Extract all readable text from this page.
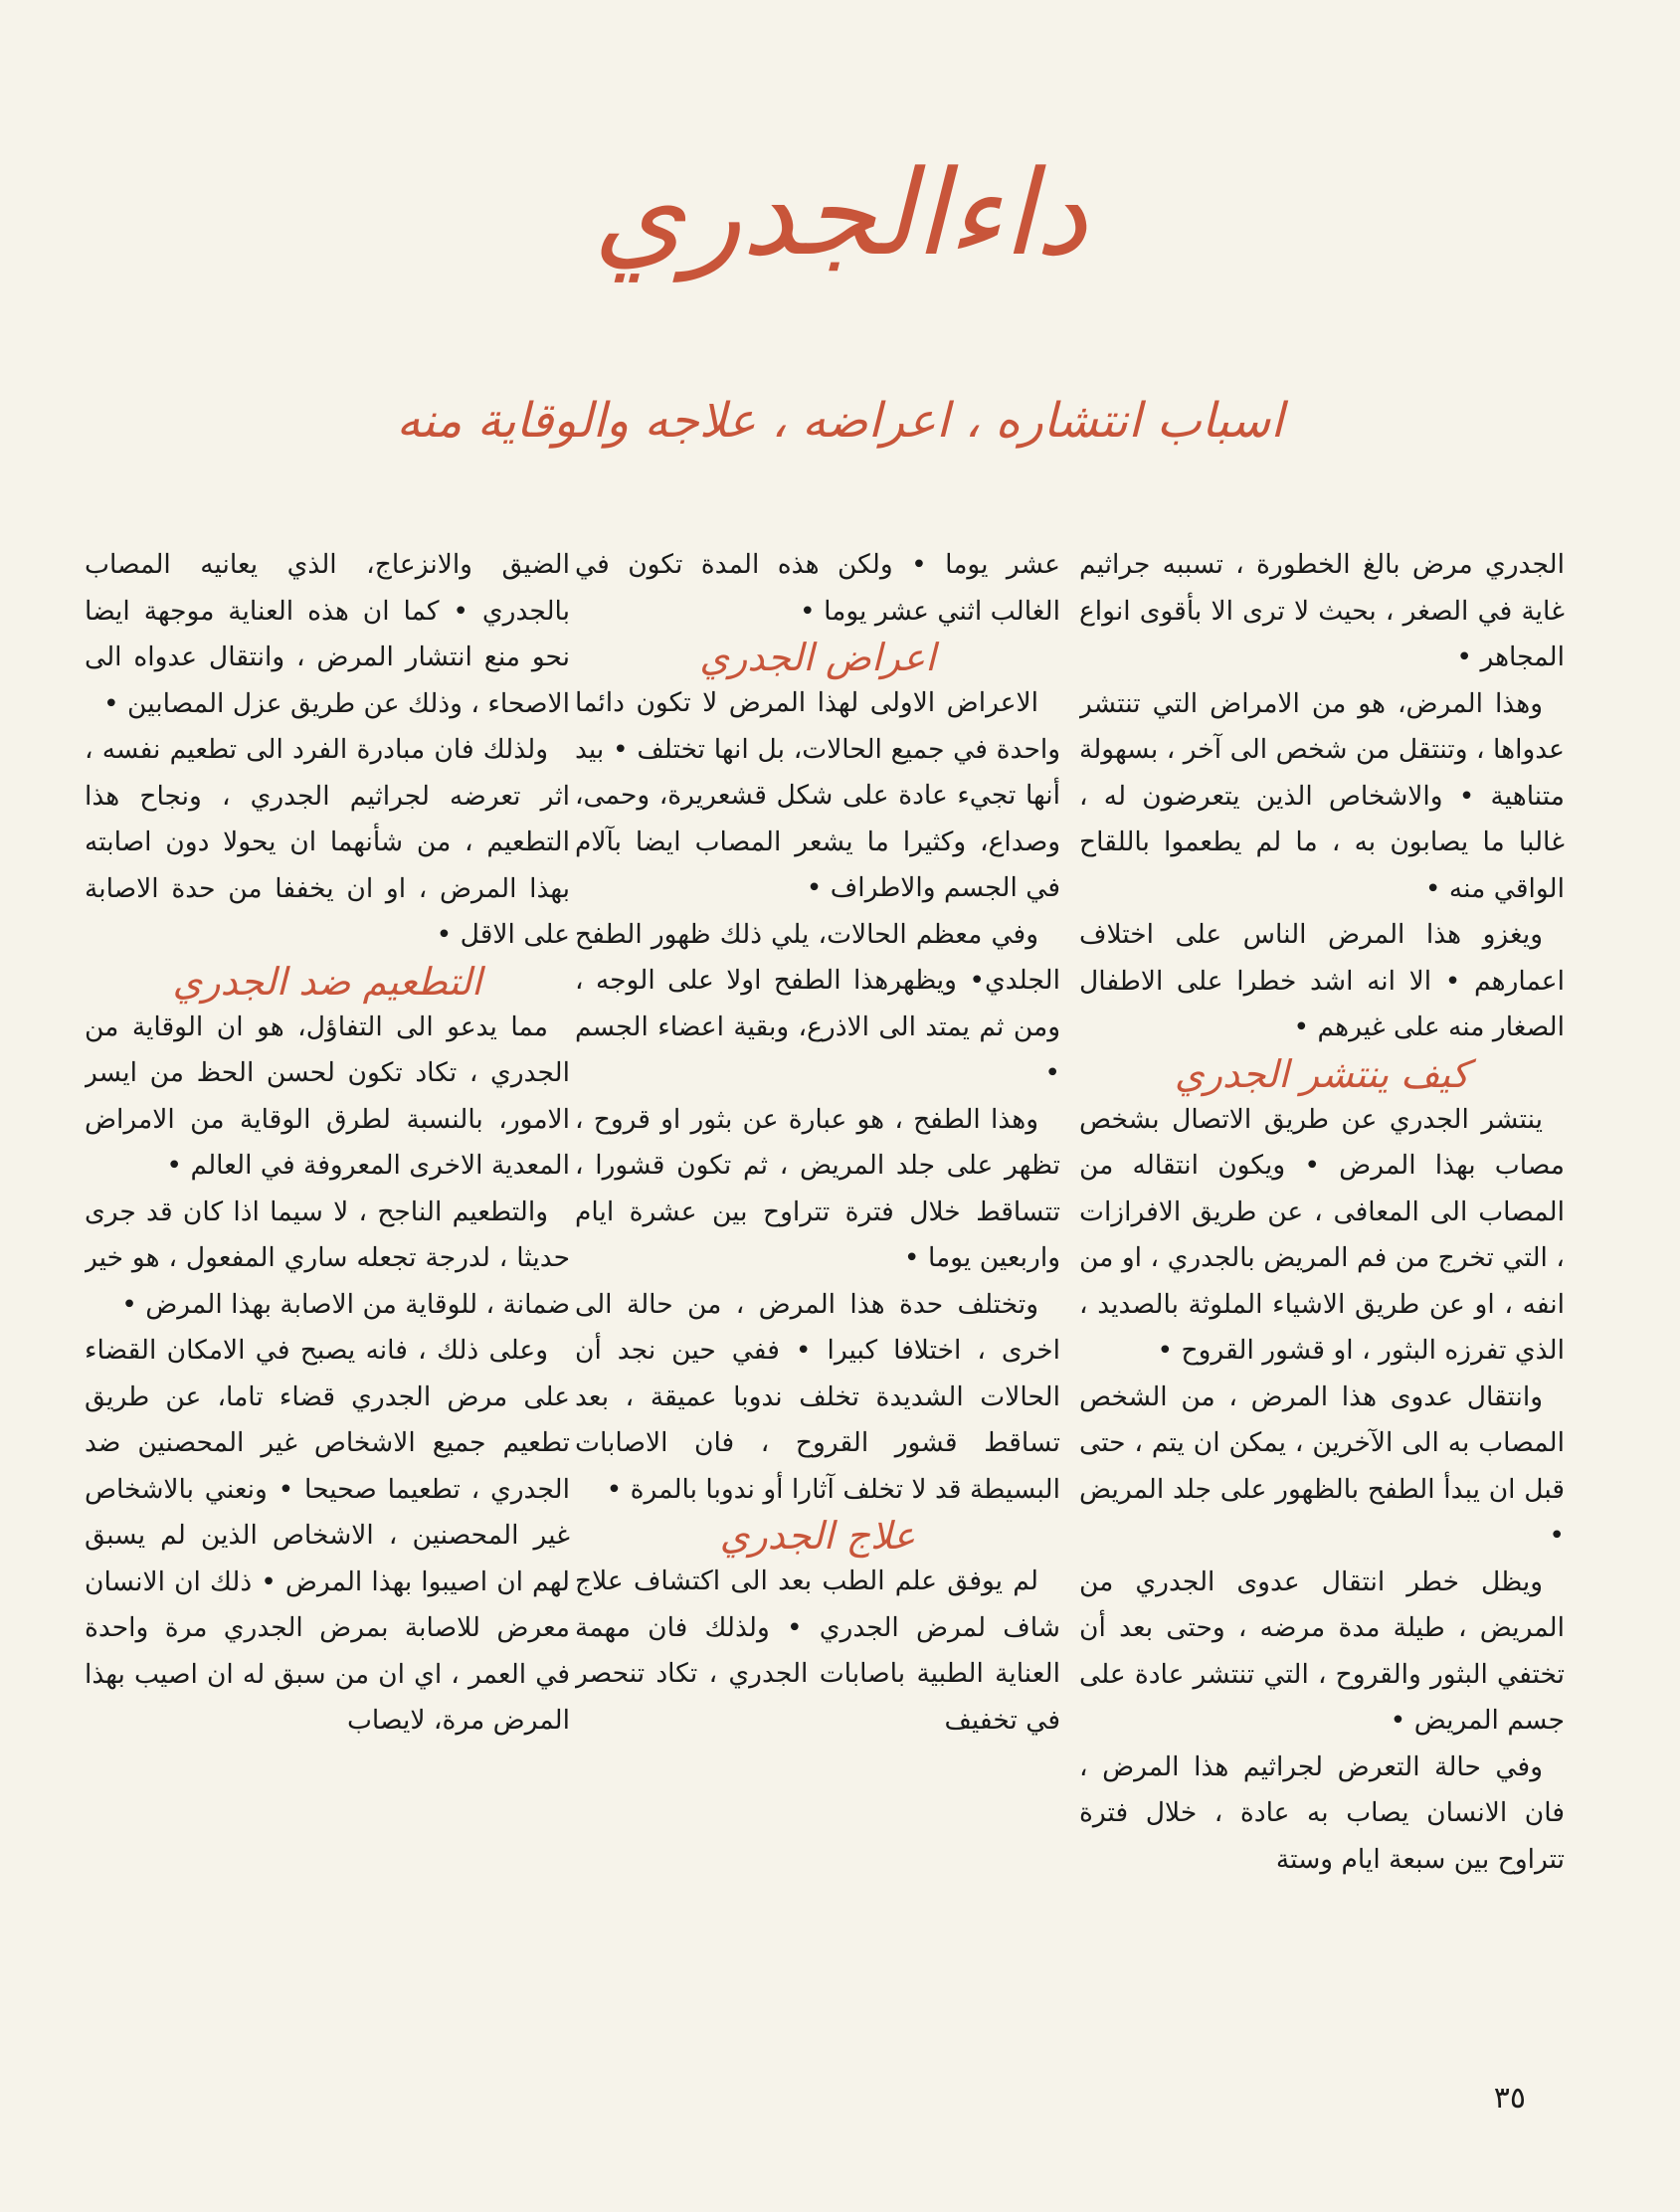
داءالجدري
اسباب انتشاره ، اعراضه ، علاجه والوقاية منه

الجدري مرض بالغ الخطورة ، تسببه جراثيم غاية في الصغر ، بحيث لا ترى الا بأقوى انواع المجاهر •

وهذا المرض، هو من الامراض التي تنتشر عدواها ، وتنتقل من شخص الى آخر ، بسهولة متناهية • والاشخاص الذين يتعرضون له ، غالبا ما يصابون به ، ما لم يطعموا باللقاح الواقي منه •

ويغزو هذا المرض الناس على اختلاف اعمارهم • الا انه اشد خطرا على الاطفال الصغار منه على غيرهم •

كيف ينتشر الجدري

ينتشر الجدري عن طريق الاتصال بشخص مصاب بهذا المرض • ويكون انتقاله من المصاب الى المعافى ، عن طريق الافرازات ، التي تخرج من فم المريض بالجدري ، او من انفه ، او عن طريق الاشياء الملوثة بالصديد ، الذي تفرزه البثور ، او قشور القروح •

وانتقال عدوى هذا المرض ، من الشخص المصاب به الى الآخرين ، يمكن ان يتم ، حتى قبل ان يبدأ الطفح بالظهور على جلد المريض •

ويظل خطر انتقال عدوى الجدري من المريض ، طيلة مدة مرضه ، وحتى بعد أن تختفي البثور والقروح ، التي تنتشر عادة على جسم المريض •

وفي حالة التعرض لجراثيم هذا المرض ، فان الانسان يصاب به عادة ، خلال فترة تتراوح بين سبعة ايام وستة

عشر يوما • ولكن هذه المدة تكون في الغالب اثني عشر يوما •

اعراض الجدري

الاعراض الاولى لهذا المرض لا تكون دائما واحدة في جميع الحالات، بل انها تختلف • بيد أنها تجيء عادة على شكل قشعريرة، وحمى، وصداع، وكثيرا ما يشعر المصاب ايضا بآلام في الجسم والاطراف •

وفي معظم الحالات، يلي ذلك ظهور الطفح الجلدي• ويظهرهذا الطفح اولا على الوجه ، ومن ثم يمتد الى الاذرع، وبقية اعضاء الجسم •

وهذا الطفح ، هو عبارة عن بثور او قروح ، تظهر على جلد المريض ، ثم تكون قشورا ، تتساقط خلال فترة تتراوح بين عشرة ايام واربعين يوما •

وتختلف حدة هذا المرض ، من حالة الى اخرى ، اختلافا كبيرا • ففي حين نجد أن الحالات الشديدة تخلف ندوبا عميقة ، بعد تساقط قشور القروح ، فان الاصابات البسيطة قد لا تخلف آثارا أو ندوبا بالمرة •

علاج الجدري

لم يوفق علم الطب بعد الى اكتشاف علاج شاف لمرض الجدري • ولذلك فان مهمة العناية الطبية باصابات الجدري ، تكاد تنحصر في تخفيف

الضيق والانزعاج، الذي يعانيه المصاب بالجدري • كما ان هذه العناية موجهة ايضا نحو منع انتشار المرض ، وانتقال عدواه الى الاصحاء ، وذلك عن طريق عزل المصابين •

ولذلك فان مبادرة الفرد الى تطعيم نفسه ، اثر تعرضه لجراثيم الجدري ، ونجاح هذا التطعيم ، من شأنهما ان يحولا دون اصابته بهذا المرض ، او ان يخففا من حدة الاصابة على الاقل •

التطعيم ضد الجدري

مما يدعو الى التفاؤل، هو ان الوقاية من الجدري ، تكاد تكون لحسن الحظ من ايسر الامور، بالنسبة لطرق الوقاية من الامراض المعدية الاخرى المعروفة في العالم •

والتطعيم الناجح ، لا سيما اذا كان قد جرى حديثا ، لدرجة تجعله ساري المفعول ، هو خير ضمانة ، للوقاية من الاصابة بهذا المرض •

وعلى ذلك ، فانه يصبح في الامكان القضاء على مرض الجدري قضاء تاما، عن طريق تطعيم جميع الاشخاص غير المحصنين ضد الجدري ، تطعيما صحيحا • ونعني بالاشخاص غير المحصنين ، الاشخاص الذين لم يسبق لهم ان اصيبوا بهذا المرض • ذلك ان الانسان معرض للاصابة بمرض الجدري مرة واحدة في العمر ، اي ان من سبق له ان اصيب بهذا المرض مرة، لايصاب

٣٥
